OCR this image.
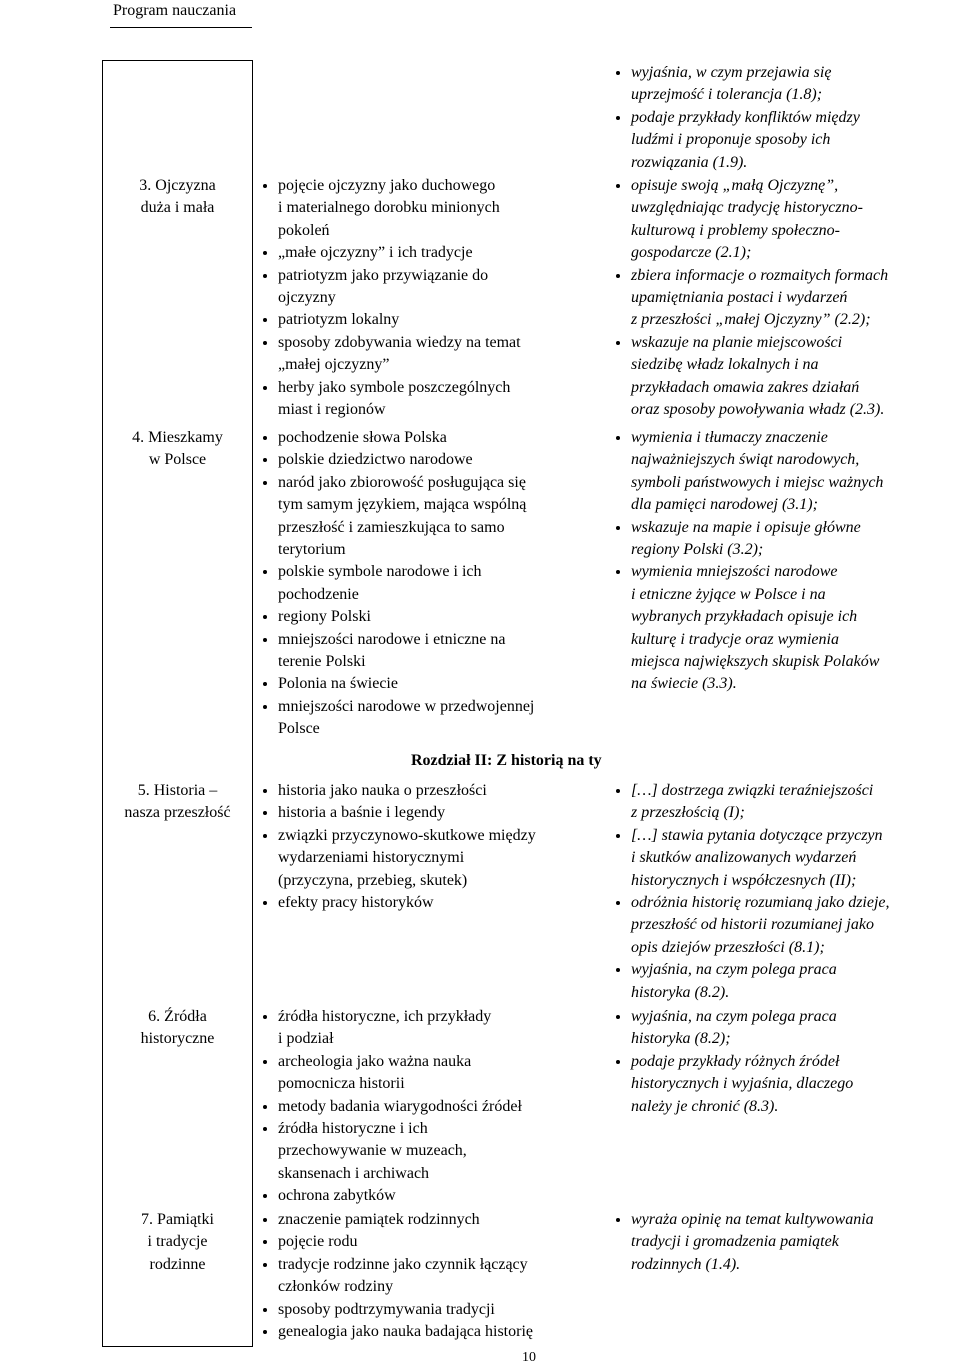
Program nauczania
3. Ojczyzna
duża i mała
4. Mieszkamy
w Polsce
5. Historia –
nasza przeszłość
6. Źródła
historyczne
7. Pamiątki
i tradycje
rodzinne
pojęcie ojczyzny jako duchowego
i materialnego dorobku minionych
pokoleń
„małe ojczyzny” i ich tradycje
patriotyzm jako przywiązanie do
ojczyzny
patriotyzm lokalny
sposoby zdobywania wiedzy na temat
„małej ojczyzny”
herby jako symbole poszczególnych
miast i regionów
pochodzenie słowa Polska
polskie dziedzictwo narodowe
naród jako zbiorowość posługująca się
tym samym językiem, mająca wspólną
przeszłość i zamieszkująca to samo
terytorium
polskie symbole narodowe i ich
pochodzenie
regiony Polski
mniejszości narodowe i etniczne na
terenie Polski
Polonia na świecie
mniejszości narodowe w przedwojennej
Polsce
Rozdział II: Z historią na ty
historia jako nauka o przeszłości
historia a baśnie i legendy
związki przyczynowo-skutkowe między
wydarzeniami historycznymi
(przyczyna, przebieg, skutek)
efekty pracy historyków
źródła historyczne, ich przykłady
i podział
archeologia jako ważna nauka
pomocnicza historii
metody badania wiarygodności źródeł
źródła historyczne i ich
przechowywanie w muzeach,
skansenach i archiwach
ochrona zabytków
znaczenie pamiątek rodzinnych
pojęcie rodu
tradycje rodzinne jako czynnik łączący
członków rodziny
sposoby podtrzymywania tradycji
genealogia jako nauka badająca historię
wyjaśnia, w czym przejawia się
uprzejmość i tolerancja (1.8);
podaje przykłady konfliktów między
ludźmi i proponuje sposoby ich
rozwiązania (1.9).
opisuje swoją „małą Ojczyznę”,
uwzględniając tradycję historyczno-
kulturową i problemy społeczno-
gospodarcze (2.1);
zbiera informacje o rozmaitych formach
upamiętniania postaci i wydarzeń
z przeszłości „małej Ojczyzny” (2.2);
wskazuje na planie miejscowości
siedzibę władz lokalnych i na
przykładach omawia zakres działań
oraz sposoby powoływania władz (2.3).
wymienia i tłumaczy znaczenie
najważniejszych świąt narodowych,
symboli państwowych i miejsc ważnych
dla pamięci narodowej (3.1);
wskazuje na mapie i opisuje główne
regiony Polski (3.2);
wymienia mniejszości narodowe
i etniczne żyjące w Polsce i na
wybranych przykładach opisuje ich
kulturę i tradycje oraz wymienia
miejsca największych skupisk Polaków
na świecie (3.3).
[…] dostrzega związki teraźniejszości
z przeszłością (I);
[…] stawia pytania dotyczące przyczyn
i skutków analizowanych wydarzeń
historycznych i współczesnych (II);
odróżnia historię rozumianą jako dzieje,
przeszłość od historii rozumianej jako
opis dziejów przeszłości (8.1);
wyjaśnia, na czym polega praca
historyka (8.2).
wyjaśnia, na czym polega praca
historyka (8.2);
podaje przykłady różnych źródeł
historycznych i wyjaśnia, dlaczego
należy je chronić (8.3).
wyraża opinię na temat kultywowania
tradycji i gromadzenia pamiątek
rodzinnych (1.4).
10
